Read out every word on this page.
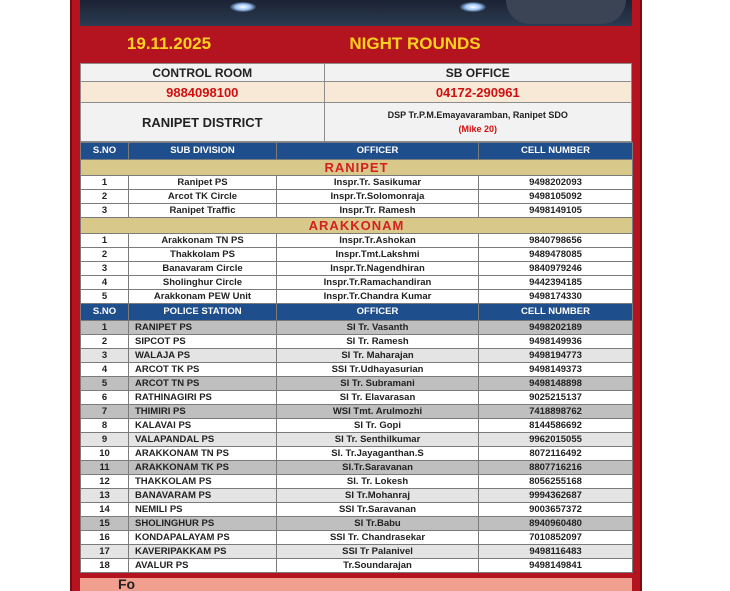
19.11.2025	NIGHT ROUNDS
CONTROL ROOM	SB OFFICE
9884098100	04172-290961
RANIPET DISTRICT	DSP Tr.P.M.Emayavaramban, Ranipet SDO
(Mike 20)
S.NO	SUB DIVISION	OFFICER	CELL NUMBER
RANIPET			
1	Ranipet PS	Inspr.Tr. Sasikumar	9498202093
2	Arcot TK Circle	Inspr.Tr.Solomonraja	9498105092
3	Ranipet Traffic	Inspr.Tr. Ramesh	9498149105
ARAKKONAM			
1	Arakkonam TN PS	Inspr.Tr.Ashokan	9840798656
2	Thakkolam PS	Inspr.Tmt.Lakshmi	9489478085
3	Banavaram Circle	Inspr.Tr.Nagendhiran	9840979246
4	Sholinghur Circle	Inspr.Tr.Ramachandiran	9442394185
5	Arakkonam PEW Unit	Inspr.Tr.Chandra Kumar	9498174330
S.NO	POLICE STATION	OFFICER	CELL NUMBER
1	RANIPET PS	SI Tr. Vasanth	9498202189
2	SIPCOT PS	SI Tr. Ramesh	9498149936
3	WALAJA PS	SI Tr. Maharajan	9498194773
4	ARCOT TK PS	SSI Tr.Udhayasurian	9498149373
5	ARCOT TN PS	SI Tr. Subramani	9498148898
6	RATHINAGIRI PS	SI Tr. Elavarasan	9025215137
7	THIMIRI PS	WSI Tmt. Arulmozhi	7418898762
8	KALAVAI PS	SI Tr. Gopi	8144586692
9	VALAPANDAL PS	SI Tr. Senthilkumar	9962015055
10	ARAKKONAM TN PS	SI. Tr.Jayaganthan.S	8072116492
11	ARAKKONAM TK PS	SI.Tr.Saravanan	8807716216
12	THAKKOLAM PS	SI. Tr. Lokesh	8056255168
13	BANAVARAM PS	SI Tr.Mohanraj	9994362687
14	NEMILI PS	SSI Tr.Saravanan	9003657372
15	SHOLINGHUR PS	SI Tr.Babu	8940960480
16	KONDAPALAYAM PS	SSI Tr. Chandrasekar	7010852097
17	KAVERIPAKKAM PS	SSI Tr Palanivel	9498116483
18	AVALUR PS	Tr.Soundarajan	9498149841
Fo
